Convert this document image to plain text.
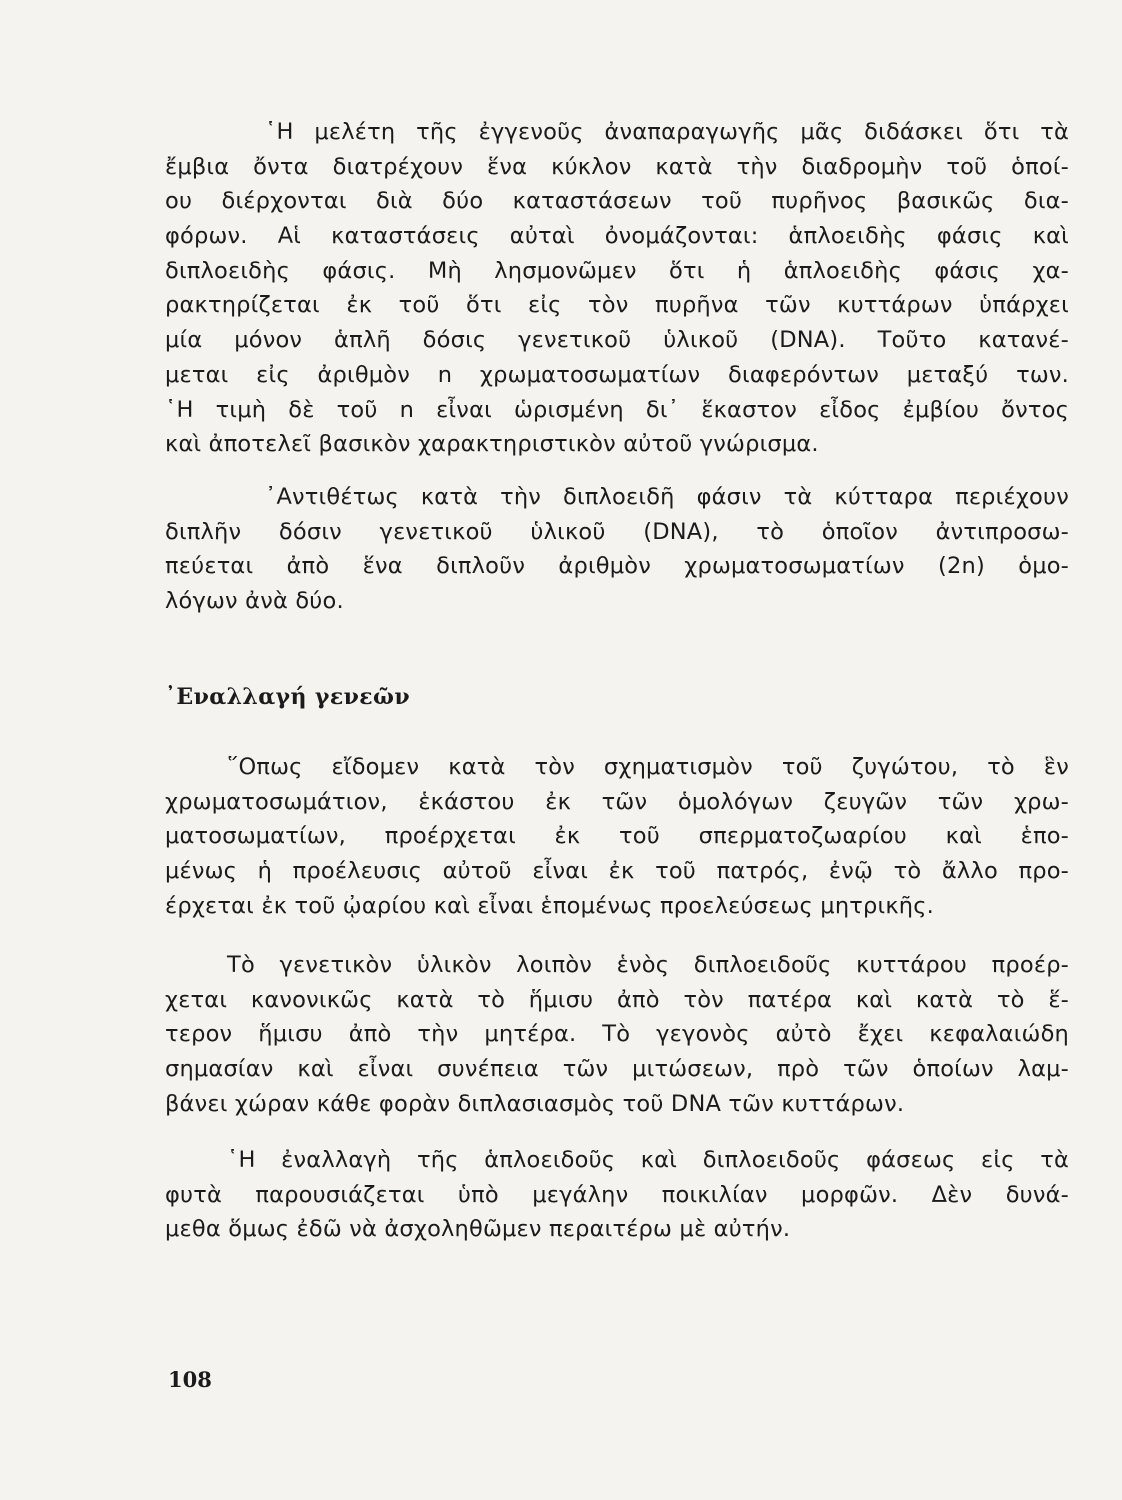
῾Η μελέτη τῆς ἐγγενοῦς ἀναπαραγωγῆς μᾶς διδάσκει ὅτι τὰ
ἔμβια ὄντα διατρέχουν ἕνα κύκλον κατὰ τὴν διαδρομὴν τοῦ ὁποί-
ου διέρχονται διὰ δύο καταστάσεων τοῦ πυρῆνος βασικῶς δια-
φόρων. Αἱ καταστάσεις αὐταὶ ὀνομάζονται: ἁπλοειδὴς φάσις καὶ
διπλοειδὴς φάσις. Μὴ λησμονῶμεν ὅτι ἡ ἁπλοειδὴς φάσις χα-
ρακτηρίζεται ἐκ τοῦ ὅτι εἰς τὸν πυρῆνα τῶν κυττάρων ὑπάρχει
μία μόνον ἁπλῆ δόσις γενετικοῦ ὑλικοῦ (DNA). Τοῦτο κατανέ-
μεται εἰς ἀριθμὸν n χρωματοσωματίων διαφερόντων μεταξύ των.
῾Η τιμὴ δὲ τοῦ n εἶναι ὡρισμένη δι᾽ ἕκαστον εἶδος ἐμβίου ὄντος
καὶ ἀποτελεῖ βασικὸν χαρακτηριστικὸν αὐτοῦ γνώρισμα.
᾽Αντιθέτως κατὰ τὴν διπλοειδῆ φάσιν τὰ κύτταρα περιέχουν
διπλῆν δόσιν γενετικοῦ ὑλικοῦ (DNA), τὸ ὁποῖον ἀντιπροσω-
πεύεται ἀπὸ ἕνα διπλοῦν ἀριθμὸν χρωματοσωματίων (2n) ὁμο-
λόγων ἀνὰ δύο.
᾽Εναλλαγή γενεῶν
῞Οπως εἴδομεν κατὰ τὸν σχηματισμὸν τοῦ ζυγώτου, τὸ ἓν
χρωματοσωμάτιον, ἑκάστου ἐκ τῶν ὁμολόγων ζευγῶν τῶν χρω-
ματοσωματίων, προέρχεται ἐκ τοῦ σπερματοζωαρίου καὶ ἑπο-
μένως ἡ προέλευσις αὐτοῦ εἶναι ἐκ τοῦ πατρός, ἐνῷ τὸ ἄλλο προ-
έρχεται ἐκ τοῦ ᾠαρίου καὶ εἶναι ἑπομένως προελεύσεως μητρικῆς.
Τὸ γενετικὸν ὑλικὸν λοιπὸν ἑνὸς διπλοειδοῦς κυττάρου προέρ-
χεται κανονικῶς κατὰ τὸ ἥμισυ ἀπὸ τὸν πατέρα καὶ κατὰ τὸ ἕ-
τερον ἥμισυ ἀπὸ τὴν μητέρα. Τὸ γεγονὸς αὐτὸ ἔχει κεφαλαιώδη
σημασίαν καὶ εἶναι συνέπεια τῶν μιτώσεων, πρὸ τῶν ὁποίων λαμ-
βάνει χώραν κάθε φορὰν διπλασιασμὸς τοῦ DNA τῶν κυττάρων.
῾Η ἐναλλαγὴ τῆς ἁπλοειδοῦς καὶ διπλοειδοῦς φάσεως εἰς τὰ
φυτὰ παρουσιάζεται ὑπὸ μεγάλην ποικιλίαν μορφῶν. Δὲν δυνά-
μεθα ὅμως ἐδῶ νὰ ἀσχοληθῶμεν περαιτέρω μὲ αὐτήν.
108
